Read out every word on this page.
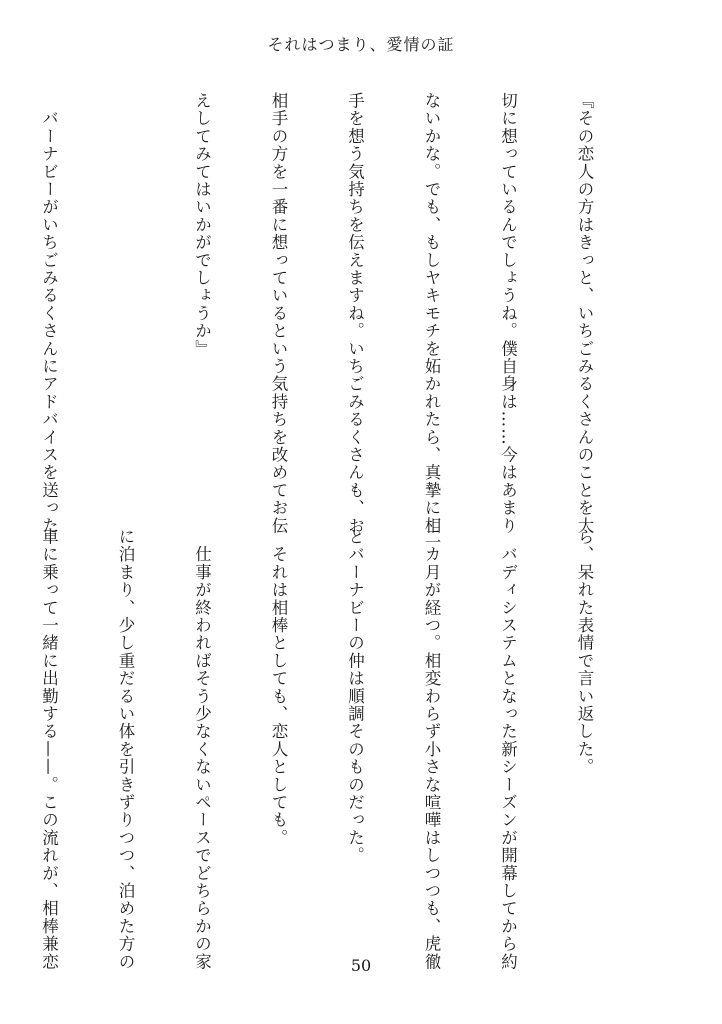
それはつまり、愛情の証

『その恋人の方はきっと、いちごみるくさんのことを大

切に想っているんでしょうね。僕自身は……今はあまり

ないかな。でも、もしヤキモチを妬かれたら、真摯に相

手を想う気持ちを伝えますね。いちごみるくさんも、お

相手の方を一番に想っているという気持ちを改めてお伝

えしてみてはいかがでしょうか』

　バーナビーがいちごみるくさんにアドバイスを送った

ら、呆れた表情で言い返した。

　バディシステムとなった新シーズンが開幕してから約

二カ月が経つ。相変わらず小さな喧嘩はしつつも、虎徹

とバーナビーの仲は順調そのものだった。

　それは相棒としても、恋人としても。

　仕事が終わればそう少なくないペースでどちらかの家

に泊まり、少し重だるい体を引きずりつつ、泊めた方の

車に乗って一緒に出勤する——。この流れが、相棒兼恋

	50
